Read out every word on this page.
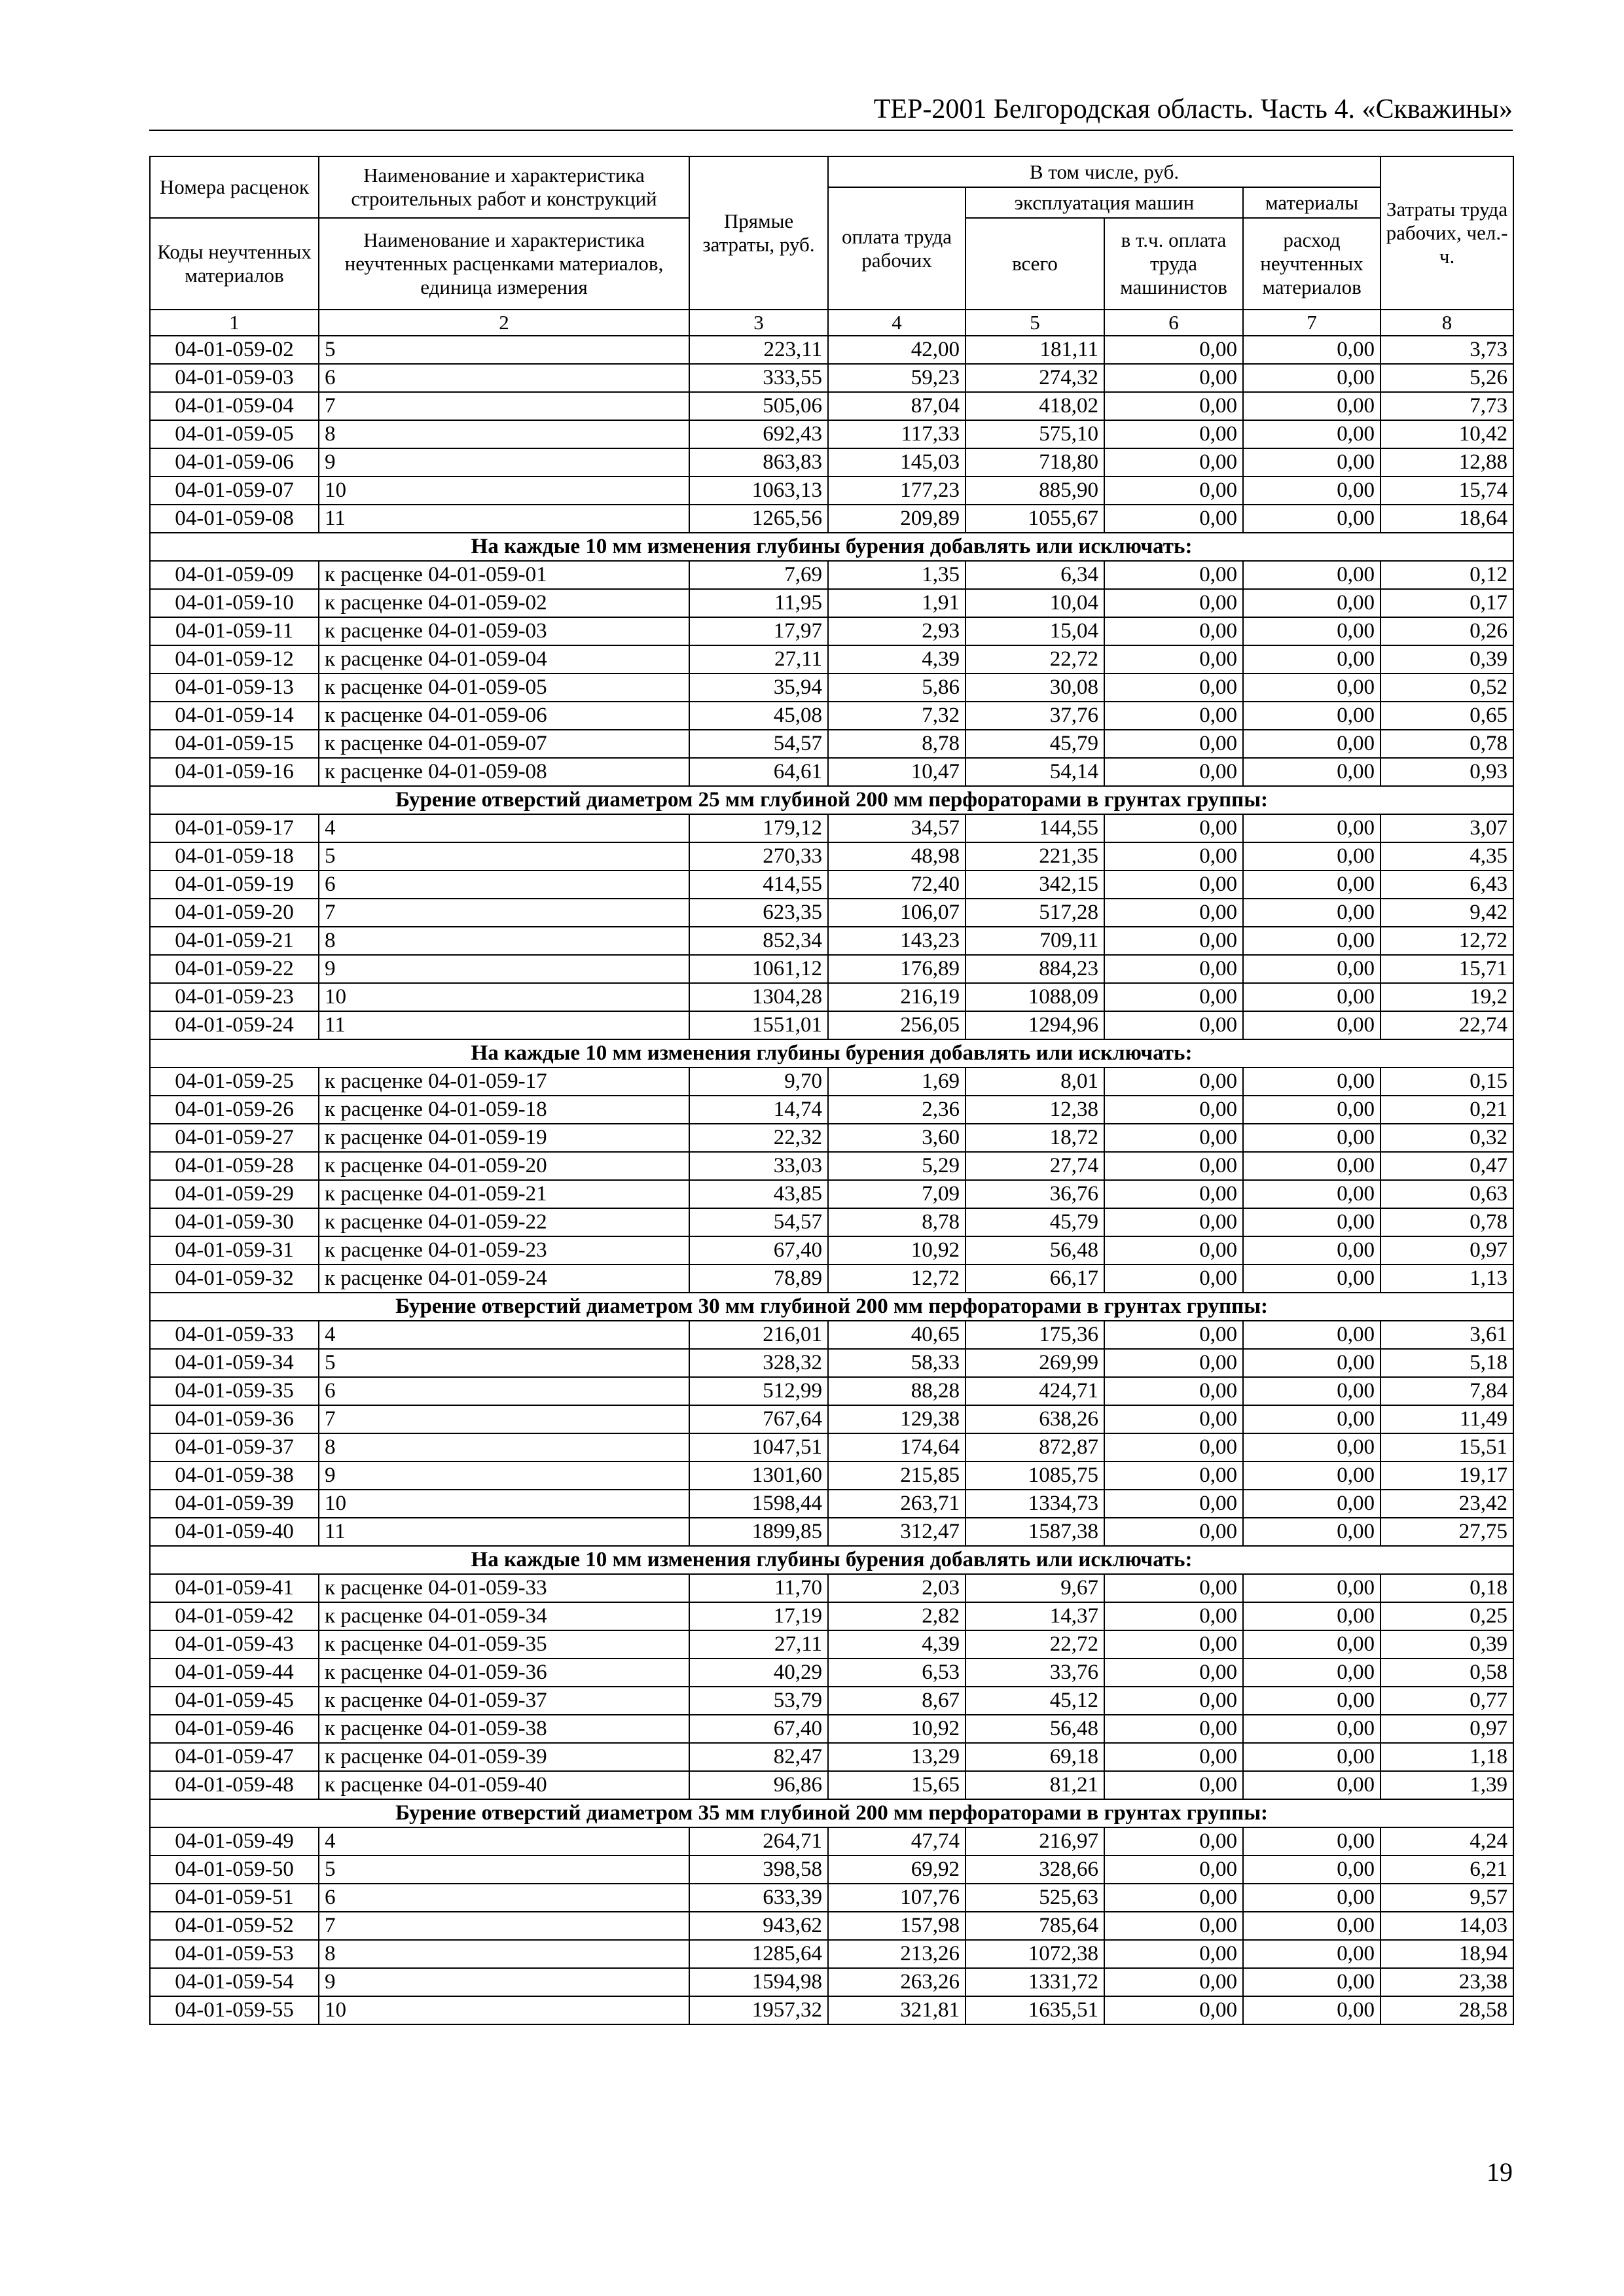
ТЕР-2001 Белгородская область. Часть 4. «Скважины»
Номера расценок	Наименование и характеристика строительных работ и конструкций	Прямые затраты, руб.	В том числе, руб.				Затраты труда рабочих, чел.-ч.
			оплата труда рабочих	эксплуатация машин		материалы	
Коды неучтенных материалов	Наименование и характеристика неучтенных расценками материалов, единица измерения			всего	в т.ч. оплата труда машинистов	расход неучтенных материалов	

1	2	3	4	5	6	7	8
04-01-059-02	5	223,11	42,00	181,11	0,00	0,00	3,73
04-01-059-03	6	333,55	59,23	274,32	0,00	0,00	5,26
04-01-059-04	7	505,06	87,04	418,02	0,00	0,00	7,73
04-01-059-05	8	692,43	117,33	575,10	0,00	0,00	10,42
04-01-059-06	9	863,83	145,03	718,80	0,00	0,00	12,88
04-01-059-07	10	1063,13	177,23	885,90	0,00	0,00	15,74
04-01-059-08	11	1265,56	209,89	1055,67	0,00	0,00	18,64
На каждые 10 мм изменения глубины бурения добавлять или исключать:							
04-01-059-09	к расценке 04-01-059-01	7,69	1,35	6,34	0,00	0,00	0,12
04-01-059-10	к расценке 04-01-059-02	11,95	1,91	10,04	0,00	0,00	0,17
04-01-059-11	к расценке 04-01-059-03	17,97	2,93	15,04	0,00	0,00	0,26
04-01-059-12	к расценке 04-01-059-04	27,11	4,39	22,72	0,00	0,00	0,39
04-01-059-13	к расценке 04-01-059-05	35,94	5,86	30,08	0,00	0,00	0,52
04-01-059-14	к расценке 04-01-059-06	45,08	7,32	37,76	0,00	0,00	0,65
04-01-059-15	к расценке 04-01-059-07	54,57	8,78	45,79	0,00	0,00	0,78
04-01-059-16	к расценке 04-01-059-08	64,61	10,47	54,14	0,00	0,00	0,93
Бурение отверстий диаметром 25 мм глубиной 200 мм перфораторами в грунтах группы:							
04-01-059-17	4	179,12	34,57	144,55	0,00	0,00	3,07
04-01-059-18	5	270,33	48,98	221,35	0,00	0,00	4,35
04-01-059-19	6	414,55	72,40	342,15	0,00	0,00	6,43
04-01-059-20	7	623,35	106,07	517,28	0,00	0,00	9,42
04-01-059-21	8	852,34	143,23	709,11	0,00	0,00	12,72
04-01-059-22	9	1061,12	176,89	884,23	0,00	0,00	15,71
04-01-059-23	10	1304,28	216,19	1088,09	0,00	0,00	19,2
04-01-059-24	11	1551,01	256,05	1294,96	0,00	0,00	22,74
На каждые 10 мм изменения глубины бурения добавлять или исключать:							
04-01-059-25	к расценке 04-01-059-17	9,70	1,69	8,01	0,00	0,00	0,15
04-01-059-26	к расценке 04-01-059-18	14,74	2,36	12,38	0,00	0,00	0,21
04-01-059-27	к расценке 04-01-059-19	22,32	3,60	18,72	0,00	0,00	0,32
04-01-059-28	к расценке 04-01-059-20	33,03	5,29	27,74	0,00	0,00	0,47
04-01-059-29	к расценке 04-01-059-21	43,85	7,09	36,76	0,00	0,00	0,63
04-01-059-30	к расценке 04-01-059-22	54,57	8,78	45,79	0,00	0,00	0,78
04-01-059-31	к расценке 04-01-059-23	67,40	10,92	56,48	0,00	0,00	0,97
04-01-059-32	к расценке 04-01-059-24	78,89	12,72	66,17	0,00	0,00	1,13
Бурение отверстий диаметром 30 мм глубиной 200 мм перфораторами в грунтах группы:							
04-01-059-33	4	216,01	40,65	175,36	0,00	0,00	3,61
04-01-059-34	5	328,32	58,33	269,99	0,00	0,00	5,18
04-01-059-35	6	512,99	88,28	424,71	0,00	0,00	7,84
04-01-059-36	7	767,64	129,38	638,26	0,00	0,00	11,49
04-01-059-37	8	1047,51	174,64	872,87	0,00	0,00	15,51
04-01-059-38	9	1301,60	215,85	1085,75	0,00	0,00	19,17
04-01-059-39	10	1598,44	263,71	1334,73	0,00	0,00	23,42
04-01-059-40	11	1899,85	312,47	1587,38	0,00	0,00	27,75
На каждые 10 мм изменения глубины бурения добавлять или исключать:							
04-01-059-41	к расценке 04-01-059-33	11,70	2,03	9,67	0,00	0,00	0,18
04-01-059-42	к расценке 04-01-059-34	17,19	2,82	14,37	0,00	0,00	0,25
04-01-059-43	к расценке 04-01-059-35	27,11	4,39	22,72	0,00	0,00	0,39
04-01-059-44	к расценке 04-01-059-36	40,29	6,53	33,76	0,00	0,00	0,58
04-01-059-45	к расценке 04-01-059-37	53,79	8,67	45,12	0,00	0,00	0,77
04-01-059-46	к расценке 04-01-059-38	67,40	10,92	56,48	0,00	0,00	0,97
04-01-059-47	к расценке 04-01-059-39	82,47	13,29	69,18	0,00	0,00	1,18
04-01-059-48	к расценке 04-01-059-40	96,86	15,65	81,21	0,00	0,00	1,39
Бурение отверстий диаметром 35 мм глубиной 200 мм перфораторами в грунтах группы:							
04-01-059-49	4	264,71	47,74	216,97	0,00	0,00	4,24
04-01-059-50	5	398,58	69,92	328,66	0,00	0,00	6,21
04-01-059-51	6	633,39	107,76	525,63	0,00	0,00	9,57
04-01-059-52	7	943,62	157,98	785,64	0,00	0,00	14,03
04-01-059-53	8	1285,64	213,26	1072,38	0,00	0,00	18,94
04-01-059-54	9	1594,98	263,26	1331,72	0,00	0,00	23,38
04-01-059-55	10	1957,32	321,81	1635,51	0,00	0,00	28,58
19
